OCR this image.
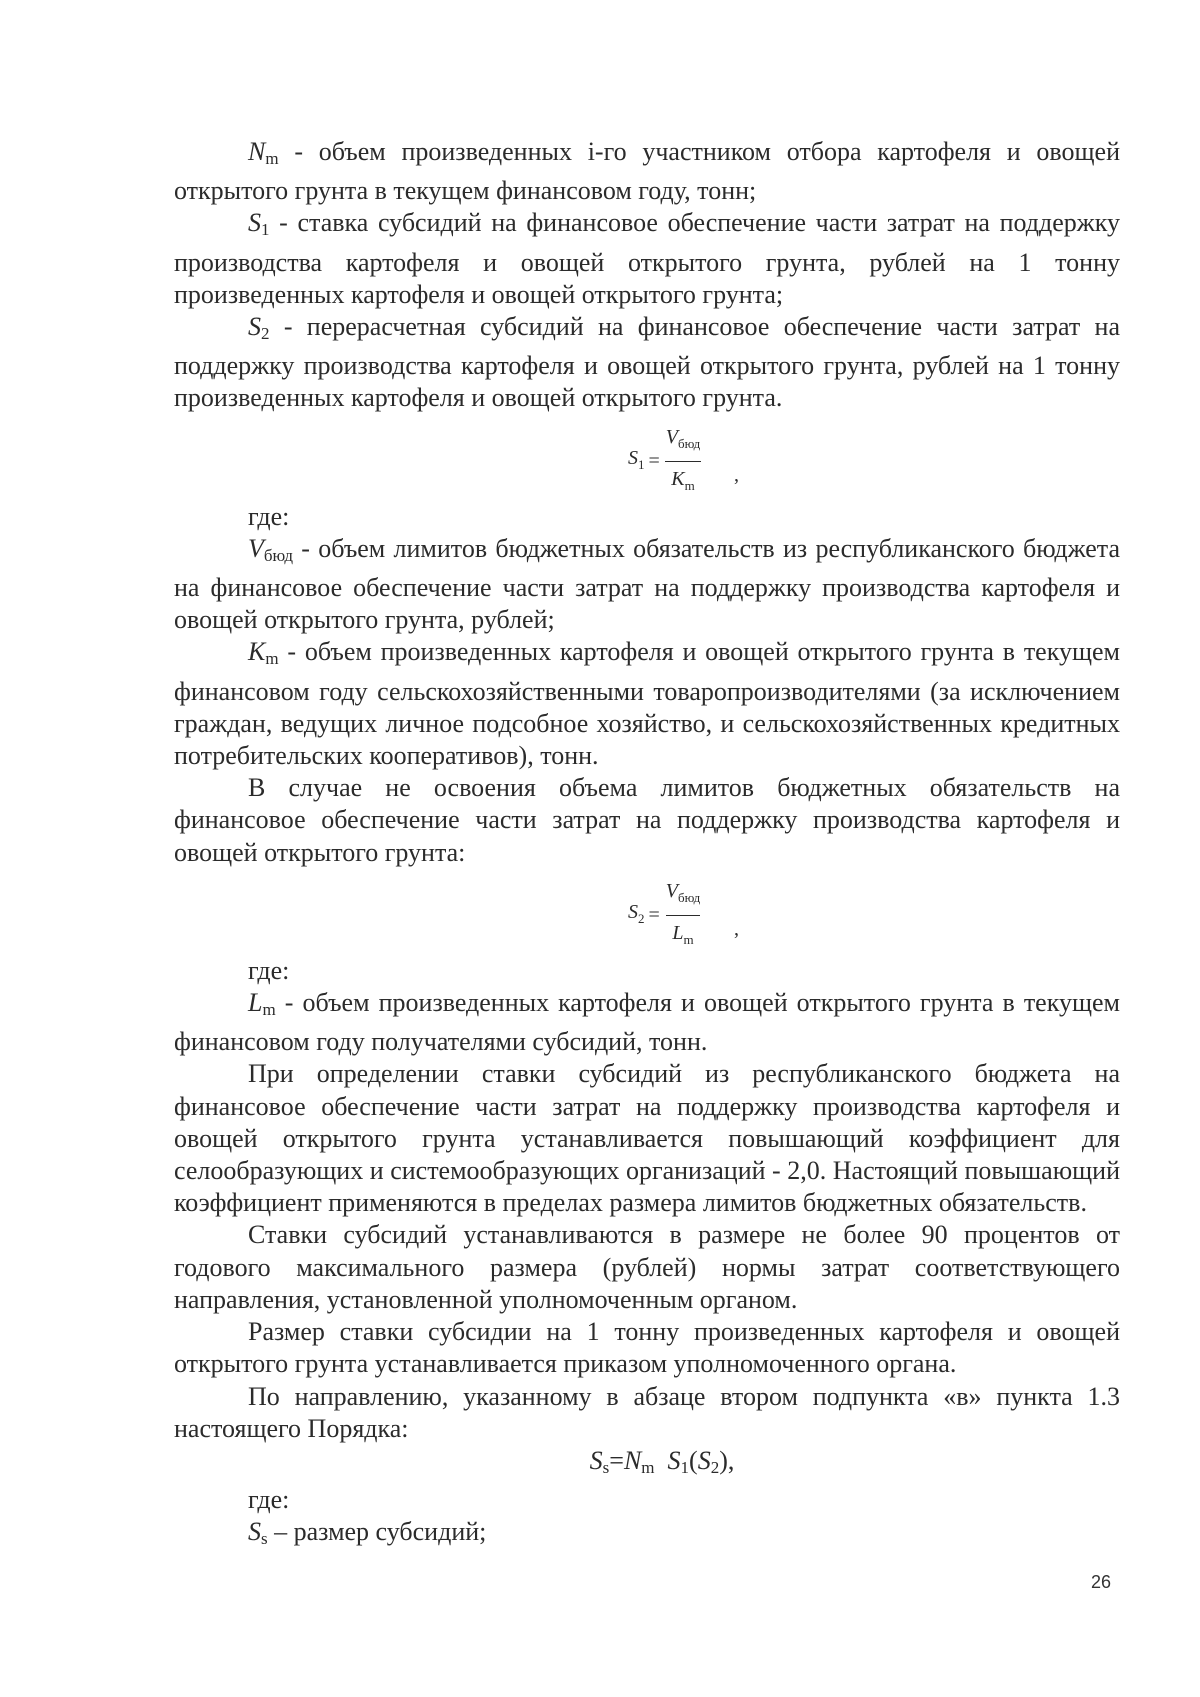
$N_m$ - объем произведенных i-го участником отбора картофеля и овощей открытого грунта в текущем финансовом году, тонн;

$S_1$ - ставка субсидий на финансовое обеспечение части затрат на поддержку производства картофеля и овощей открытого грунта, рублей на 1 тонну произведенных картофеля и овощей открытого грунта;

$S_2$ - перерасчетная субсидий на финансовое обеспечение части затрат на поддержку производства картофеля и овощей открытого грунта, рублей на 1 тонну произведенных картофеля и овощей открытого грунта.

$S_1 = \frac{V_{бюд}}{K_m}$ ,

где:

$V_{бюд}$ - объем лимитов бюджетных обязательств из республиканского бюджета на финансовое обеспечение части затрат на поддержку производства картофеля и овощей открытого грунта, рублей;

$K_m$ - объем произведенных картофеля и овощей открытого грунта в текущем финансовом году сельскохозяйственными товаропроизводителями (за исключением граждан, ведущих личное подсобное хозяйство, и сельскохозяйственных кредитных потребительских кооперативов), тонн.

В случае не освоения объема лимитов бюджетных обязательств на финансовое обеспечение части затрат на поддержку производства картофеля и овощей открытого грунта:

$S_2 = \frac{V_{бюд}}{L_m}$ ,

где:

$L_m$ - объем произведенных картофеля и овощей открытого грунта в текущем финансовом году получателями субсидий, тонн.

При определении ставки субсидий из республиканского бюджета на финансовое обеспечение части затрат на поддержку производства картофеля и овощей открытого грунта устанавливается повышающий коэффициент для селообразующих и системообразующих организаций - 2,0. Настоящий повышающий коэффициент применяются в пределах размера лимитов бюджетных обязательств.

Ставки субсидий устанавливаются в размере не более 90 процентов от годового максимального размера (рублей) нормы затрат соответствующего направления, установленной уполномоченным органом.

Размер ставки субсидии на 1 тонну произведенных картофеля и овощей открытого грунта устанавливается приказом уполномоченного органа.

По направлению, указанному в абзаце втором подпункта «в» пункта 1.3 настоящего Порядка:

$S_s=N_m$ $S_1(S_2)$,

где:

$S_s$ – размер субсидий;

26
